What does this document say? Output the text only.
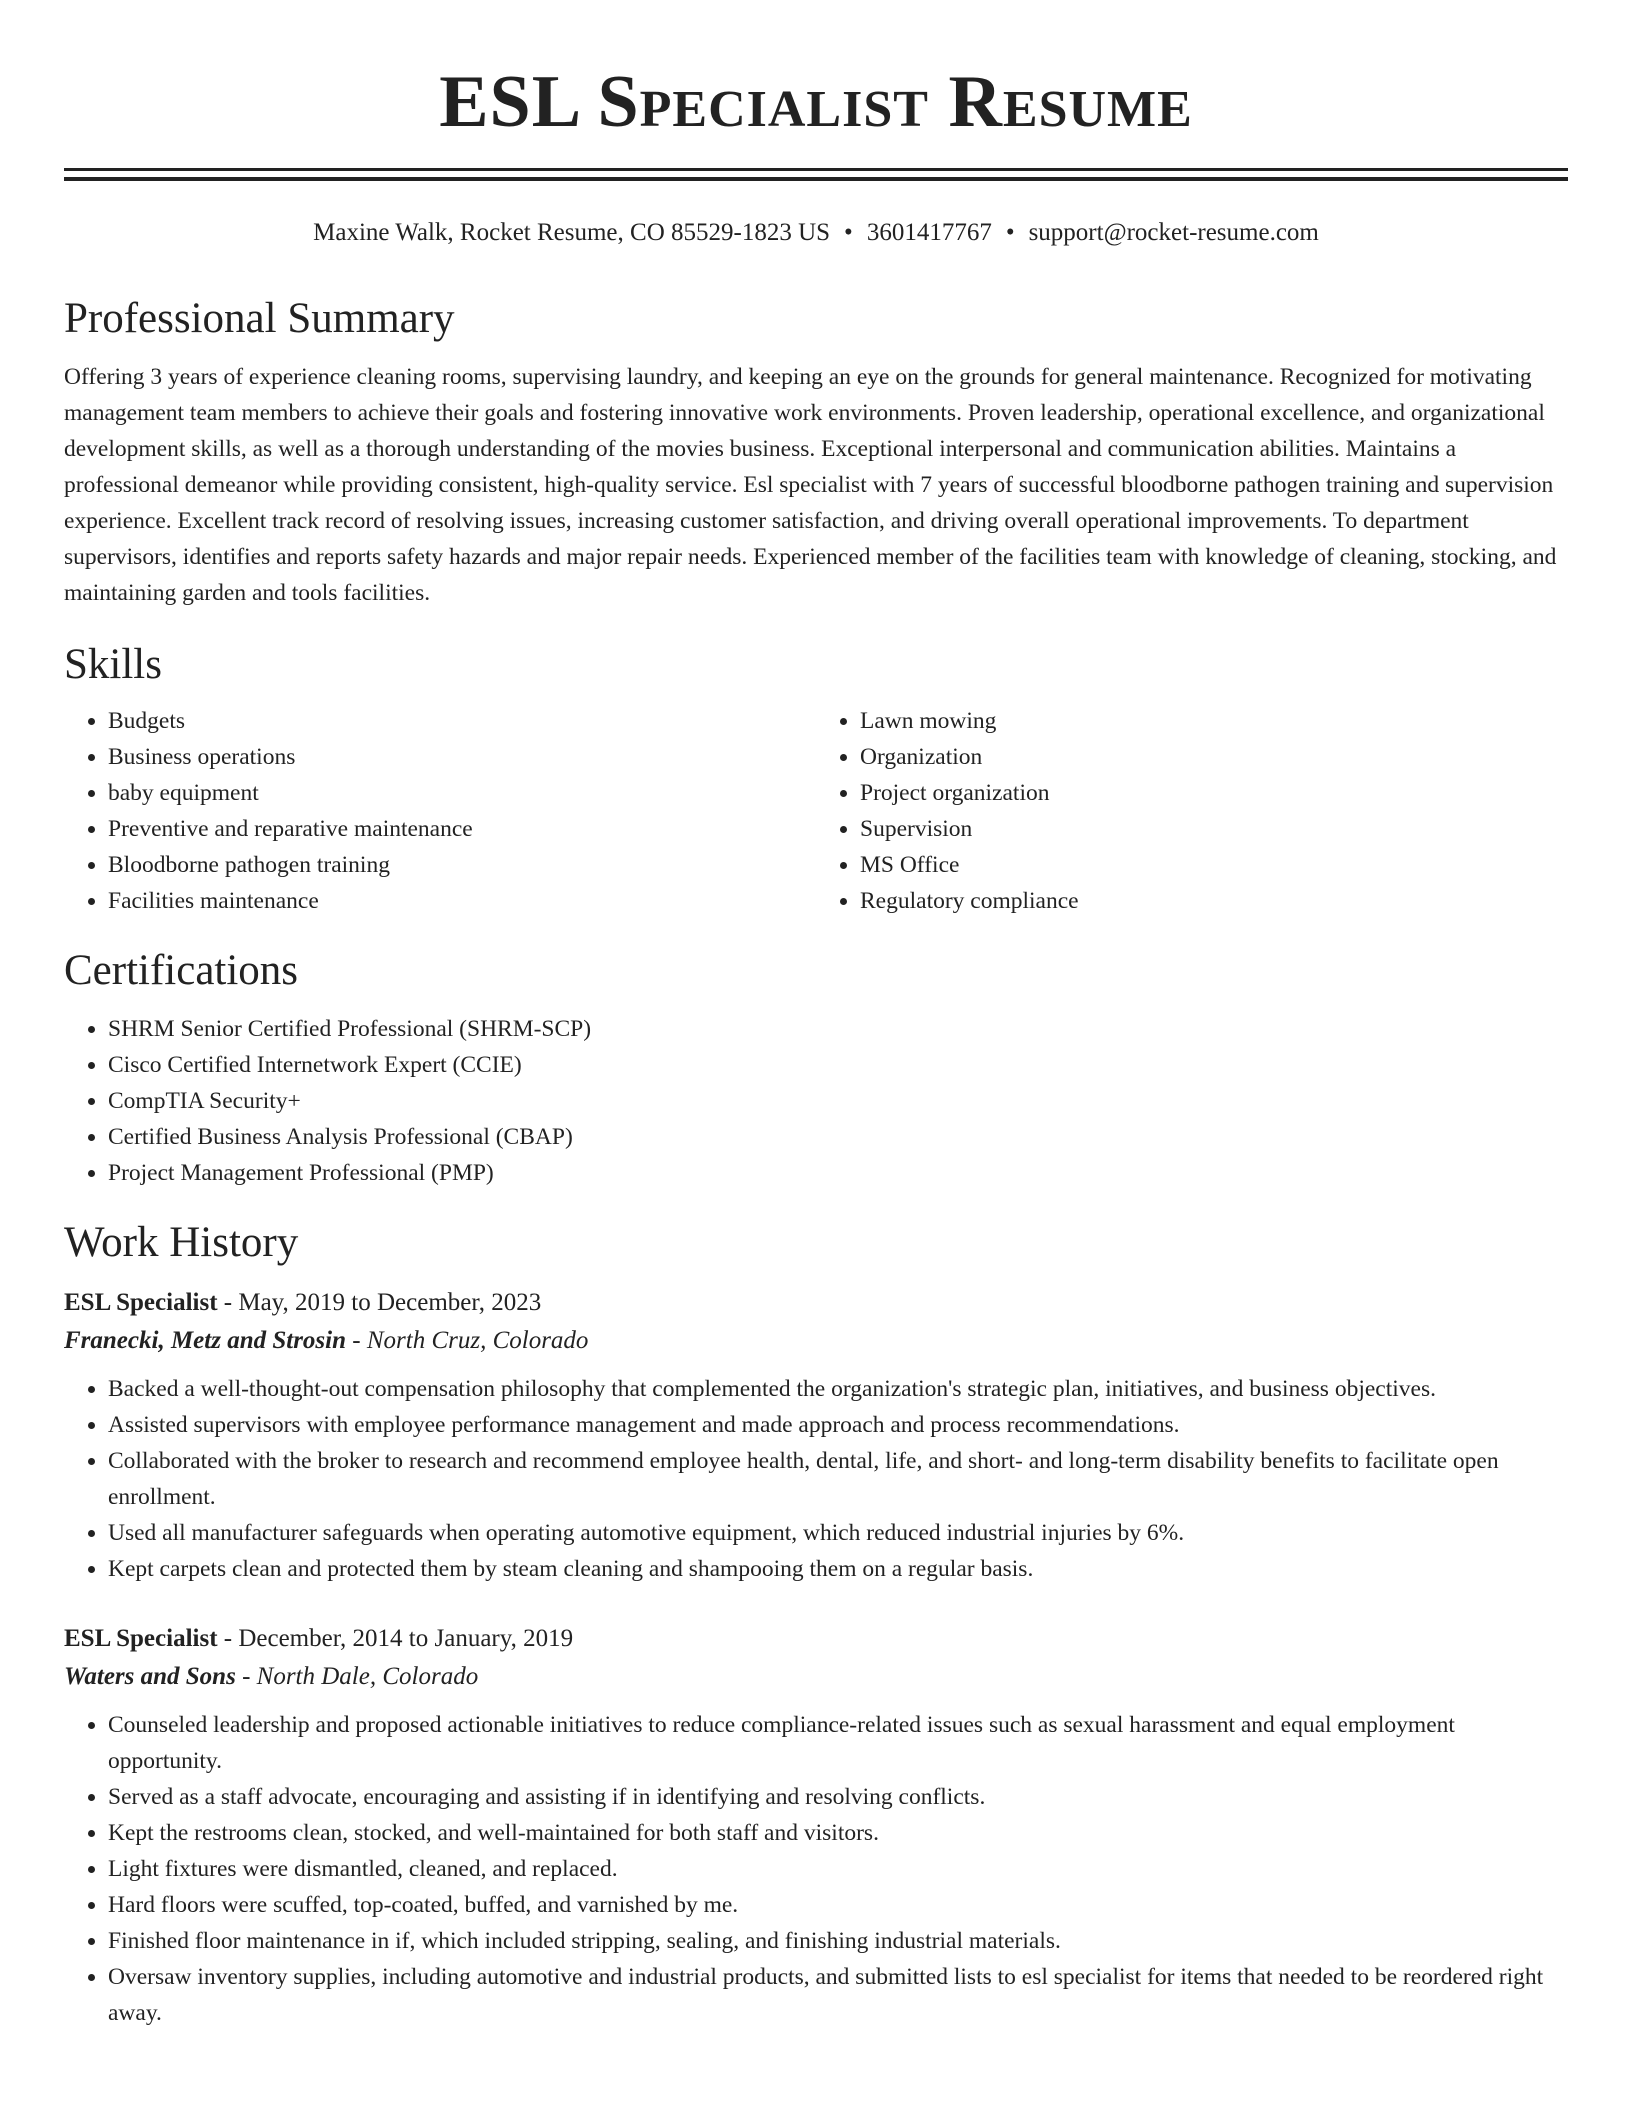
ESL Specialist Resume
Maxine Walk, Rocket Resume, CO 85529-1823 US • 3601417767 • support@rocket-resume.com
Professional Summary

Offering 3 years of experience cleaning rooms, supervising laundry, and keeping an eye on the grounds for general maintenance. Recognized for motivating management team members to achieve their goals and fostering innovative work environments. Proven leadership, operational excellence, and organizational development skills, as well as a thorough understanding of the movies business. Exceptional interpersonal and communication abilities. Maintains a professional demeanor while providing consistent, high-quality service. Esl specialist with 7 years of successful bloodborne pathogen training and supervision experience. Excellent track record of resolving issues, increasing customer satisfaction, and driving overall operational improvements. To department supervisors, identifies and reports safety hazards and major repair needs. Experienced member of the facilities team with knowledge of cleaning, stocking, and maintaining garden and tools facilities.

Skills
• Budgets
• Business operations
• baby equipment
• Preventive and reparative maintenance
• Bloodborne pathogen training
• Facilities maintenance
• Lawn mowing
• Organization
• Project organization
• Supervision
• MS Office
• Regulatory compliance
Certifications
• SHRM Senior Certified Professional (SHRM-SCP)
• Cisco Certified Internetwork Expert (CCIE)
• CompTIA Security+
• Certified Business Analysis Professional (CBAP)
• Project Management Professional (PMP)
Work History
ESL Specialist - May, 2019 to December, 2023
Franecki, Metz and Strosin - North Cruz, Colorado
• Backed a well-thought-out compensation philosophy that complemented the organization's strategic plan, initiatives, and business objectives.
• Assisted supervisors with employee performance management and made approach and process recommendations.
• Collaborated with the broker to research and recommend employee health, dental, life, and short- and long-term disability benefits to facilitate open enrollment.
• Used all manufacturer safeguards when operating automotive equipment, which reduced industrial injuries by 6%.
• Kept carpets clean and protected them by steam cleaning and shampooing them on a regular basis.
ESL Specialist - December, 2014 to January, 2019
Waters and Sons - North Dale, Colorado
• Counseled leadership and proposed actionable initiatives to reduce compliance-related issues such as sexual harassment and equal employment opportunity.
• Served as a staff advocate, encouraging and assisting if in identifying and resolving conflicts.
• Kept the restrooms clean, stocked, and well-maintained for both staff and visitors.
• Light fixtures were dismantled, cleaned, and replaced.
• Hard floors were scuffed, top-coated, buffed, and varnished by me.
• Finished floor maintenance in if, which included stripping, sealing, and finishing industrial materials.
• Oversaw inventory supplies, including automotive and industrial products, and submitted lists to esl specialist for items that needed to be reordered right away.
